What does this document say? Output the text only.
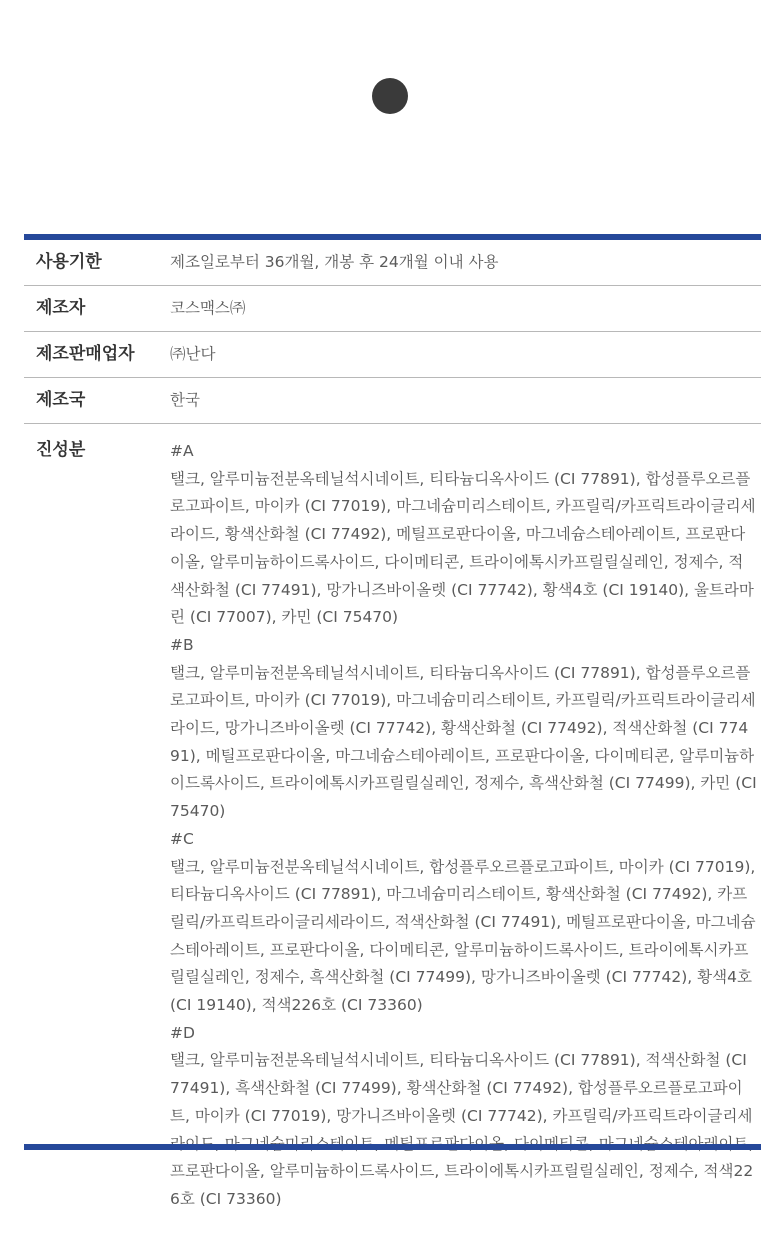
사용기한	제조일로부터 36개월, 개봉 후 24개월 이내 사용
제조자	코스맥스㈜
제조판매업자	㈜난다
제조국	한국
진성분	#A
탤크, 알루미늄전분옥테닐석시네이트, 티타늄디옥사이드 (CI 77891), 합성플루오르플로고파이트, 마이카 (CI 77019), 마그네슘미리스테이트, 카프릴릭/카프릭트라이글리세라이드, 황색산화철 (CI 77492), 메틸프로판다이올, 마그네슘스테아레이트, 프로판다이올, 알루미늄하이드록사이드, 다이메티콘, 트라이에톡시카프릴릴실레인, 정제수, 적색산화철 (CI 77491), 망가니즈바이올렛 (CI 77742), 황색4호 (CI 19140), 울트라마린 (CI 77007), 카민 (CI 75470)
#B
탤크, 알루미늄전분옥테닐석시네이트, 티타늄디옥사이드 (CI 77891), 합성플루오르플로고파이트, 마이카 (CI 77019), 마그네슘미리스테이트, 카프릴릭/카프릭트라이글리세라이드, 망가니즈바이올렛 (CI 77742), 황색산화철 (CI 77492), 적색산화철 (CI 77491), 메틸프로판다이올, 마그네슘스테아레이트, 프로판다이올, 다이메티콘, 알루미늄하이드록사이드, 트라이에톡시카프릴릴실레인, 정제수, 흑색산화철 (CI 77499), 카민 (CI 75470)
#C
탤크, 알루미늄전분옥테닐석시네이트, 합성플루오르플로고파이트, 마이카 (CI 77019), 티타늄디옥사이드 (CI 77891), 마그네슘미리스테이트, 황색산화철 (CI 77492), 카프릴릭/카프릭트라이글리세라이드, 적색산화철 (CI 77491), 메틸프로판다이올, 마그네슘스테아레이트, 프로판다이올, 다이메티콘, 알루미늄하이드록사이드, 트라이에톡시카프릴릴실레인, 정제수, 흑색산화철 (CI 77499), 망가니즈바이올렛 (CI 77742), 황색4호 (CI 19140), 적색226호 (CI 73360)
#D
탤크, 알루미늄전분옥테닐석시네이트, 티타늄디옥사이드 (CI 77891), 적색산화철 (CI 77491), 흑색산화철 (CI 77499), 황색산화철 (CI 77492), 합성플루오르플로고파이트, 마이카 (CI 77019), 망가니즈바이올렛 (CI 77742), 카프릴릭/카프릭트라이글리세 프로판다이올, 알루미늄하이드록사이드, 트라이에톡시카프릴릴실레인, 정제수, 적색226호 (CI 73360)
